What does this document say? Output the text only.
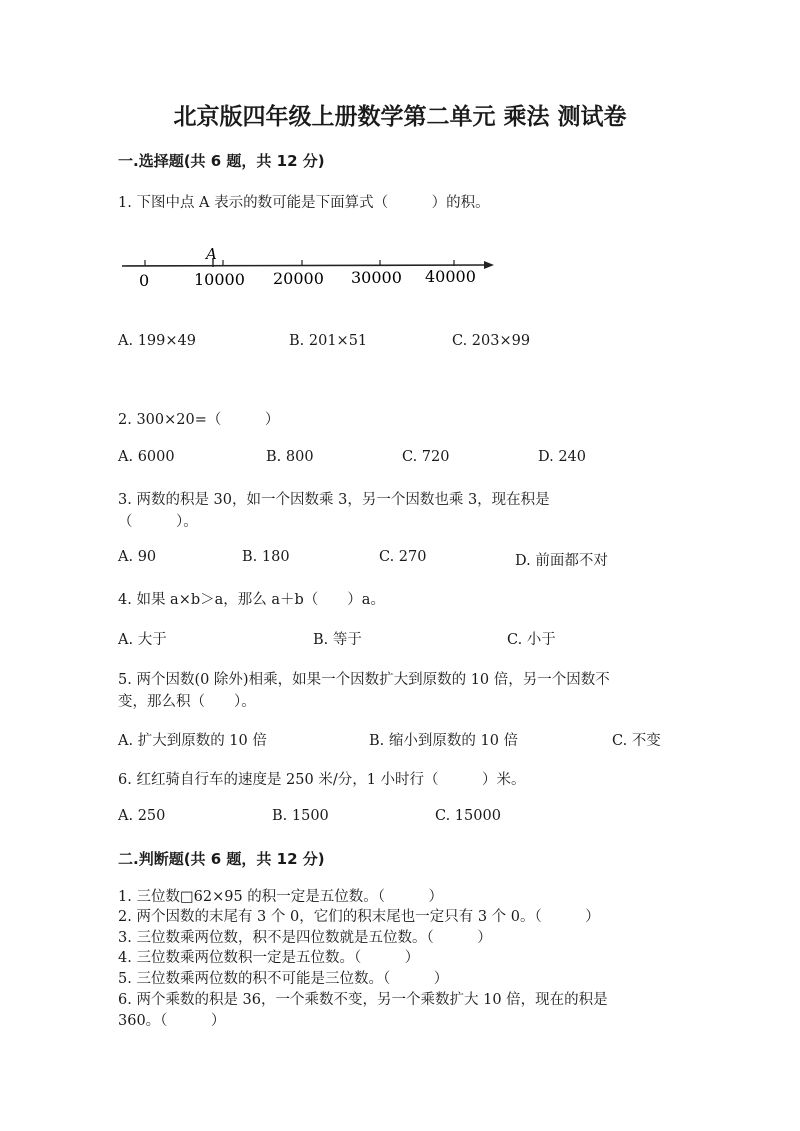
北京版四年级上册数学第二单元 乘法 测试卷
一.选择题(共 6 题，共 12 分)
1. 下图中点 A 表示的数可能是下面算式（　　　）的积。
A
0	10000 20000 30000 40000
A. 199×49	B. 201×51	C. 203×99
2. 300×20=（　　　）
A. 6000	B. 800	C. 720	D. 240
3. 两数的积是 30，如一个因数乘 3，另一个因数也乘 3，现在积是
（　　　）。
A. 90	B. 180	C. 270	D. 前面都不对
4. 如果 a×b＞a，那么 a＋b（　　）a。
A. 大于	B. 等于	C. 小于
5. 两个因数(0 除外)相乘，如果一个因数扩大到原数的 10 倍，另一个因数不
变，那么积（　　）。
A. 扩大到原数的 10 倍	B. 缩小到原数的 10 倍	C. 不变
6. 红红骑自行车的速度是 250 米/分，1 小时行（　　　）米。
A. 250	B. 1500	C. 15000
二.判断题(共 6 题，共 12 分)
1. 三位数□62×95 的积一定是五位数。（　　　）
2. 两个因数的末尾有 3 个 0，它们的积末尾也一定只有 3 个 0。（　　　）
3. 三位数乘两位数，积不是四位数就是五位数。（　　　）
4. 三位数乘两位数积一定是五位数。（　　　）
5. 三位数乘两位数的积不可能是三位数。（　　　）
6. 两个乘数的积是 36，一个乘数不变，另一个乘数扩大 10 倍，现在的积是
360。（　　　）
